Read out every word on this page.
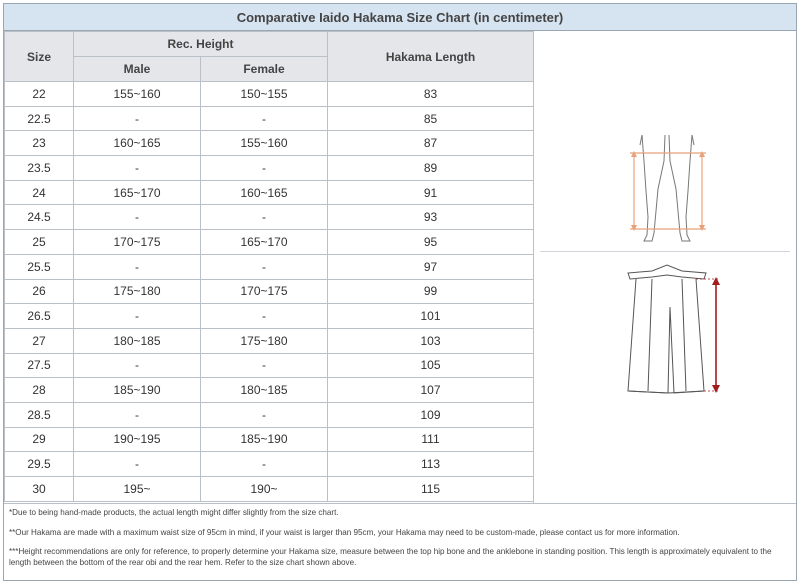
Comparative Iaido Hakama Size Chart (in centimeter)
Size	Rec. Height		Hakama Length
	Male	Female	
22	155~160	150~155	83
22.5	-	-	85
23	160~165	155~160	87
23.5	-	-	89
24	165~170	160~165	91
24.5	-	-	93
25	170~175	165~170	95
25.5	-	-	97
26	175~180	170~175	99
26.5	-	-	101
27	180~185	175~180	103
27.5	-	-	105
28	185~190	180~185	107
28.5	-	-	109
29	190~195	185~190	111
29.5	-	-	113
30	195~	190~	115

*Due to being hand-made products, the actual length might differ slightly from the size chart.

**Our Hakama are made with a maximum waist size of 95cm in mind, if your waist is larger than 95cm, your Hakama may need to be custom-made, please contact us for more information.

***Height recommendations are only for reference, to properly determine your Hakama size, measure between the top hip bone and the anklebone in standing position. This length is approximately equivalent to the length between the bottom of the rear obi and the rear hem. Refer to the size chart shown above.
